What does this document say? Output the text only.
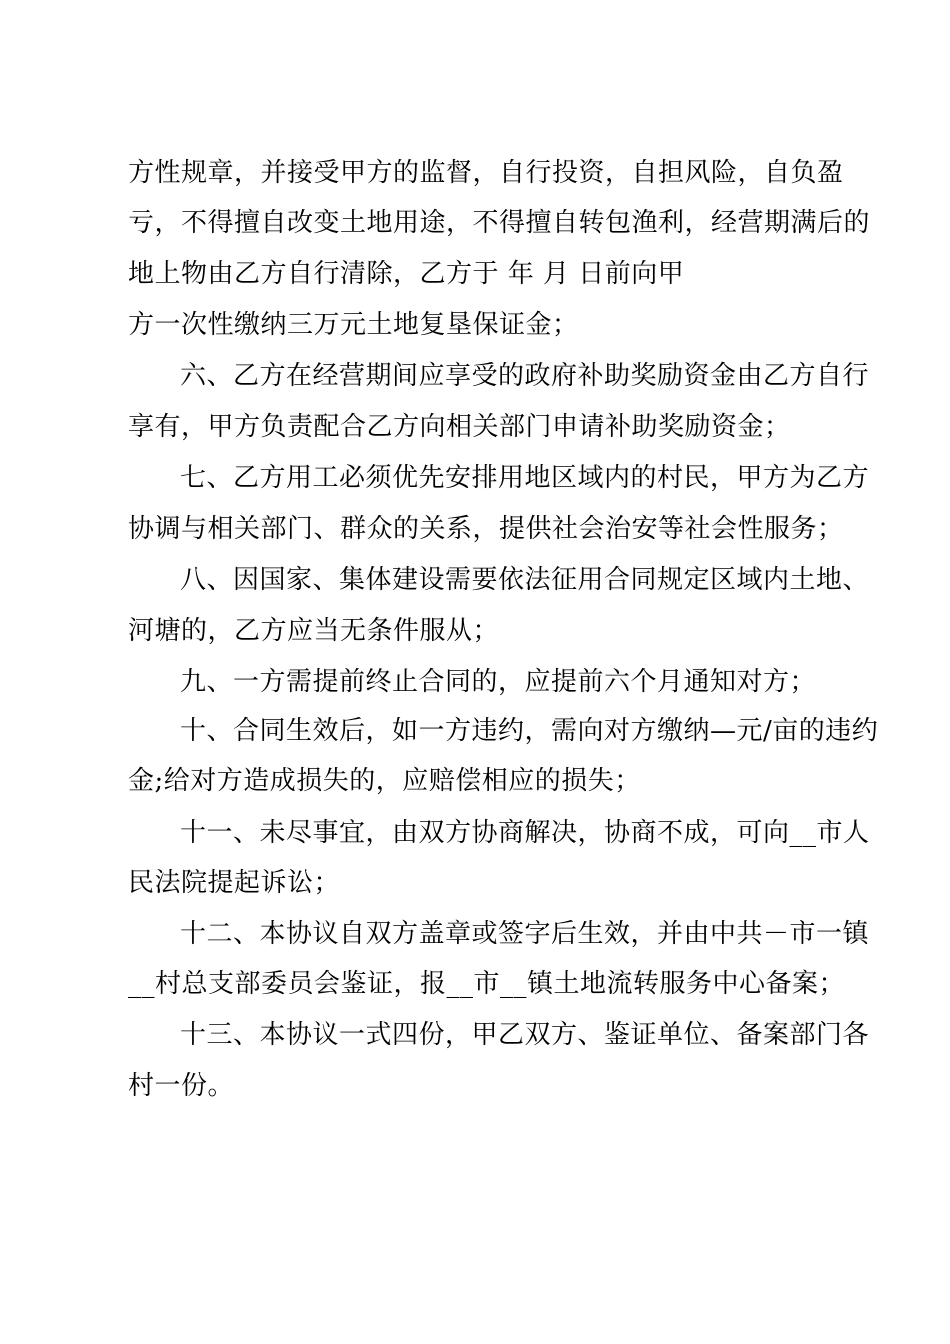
方性规章，并接受甲方的监督，自行投资，自担风险，自负盈
亏，不得擅自改变土地用途，不得擅自转包渔利，经营期满后的
地上物由乙方自行清除，乙方于 年 月 日前向甲
方一次性缴纳三万元土地复垦保证金；
六、乙方在经营期间应享受的政府补助奖励资金由乙方自行
享有，甲方负责配合乙方向相关部门申请补助奖励资金；
七、乙方用工必须优先安排用地区域内的村民，甲方为乙方
协调与相关部门、群众的关系，提供社会治安等社会性服务；
八、因国家、集体建设需要依法征用合同规定区域内土地、
河塘的，乙方应当无条件服从；
九、一方需提前终止合同的，应提前六个月通知对方；
十、合同生效后，如一方违约，需向对方缴纳—元/亩的违约
金;给对方造成损失的，应赔偿相应的损失；
十一、未尽事宜，由双方协商解决，协商不成，可向__市人
民法院提起诉讼；
十二、本协议自双方盖章或签字后生效，并由中共－市一镇
__村总支部委员会鉴证，报__市__镇土地流转服务中心备案；
十三、本协议一式四份，甲乙双方、鉴证单位、备案部门各
村一份。
